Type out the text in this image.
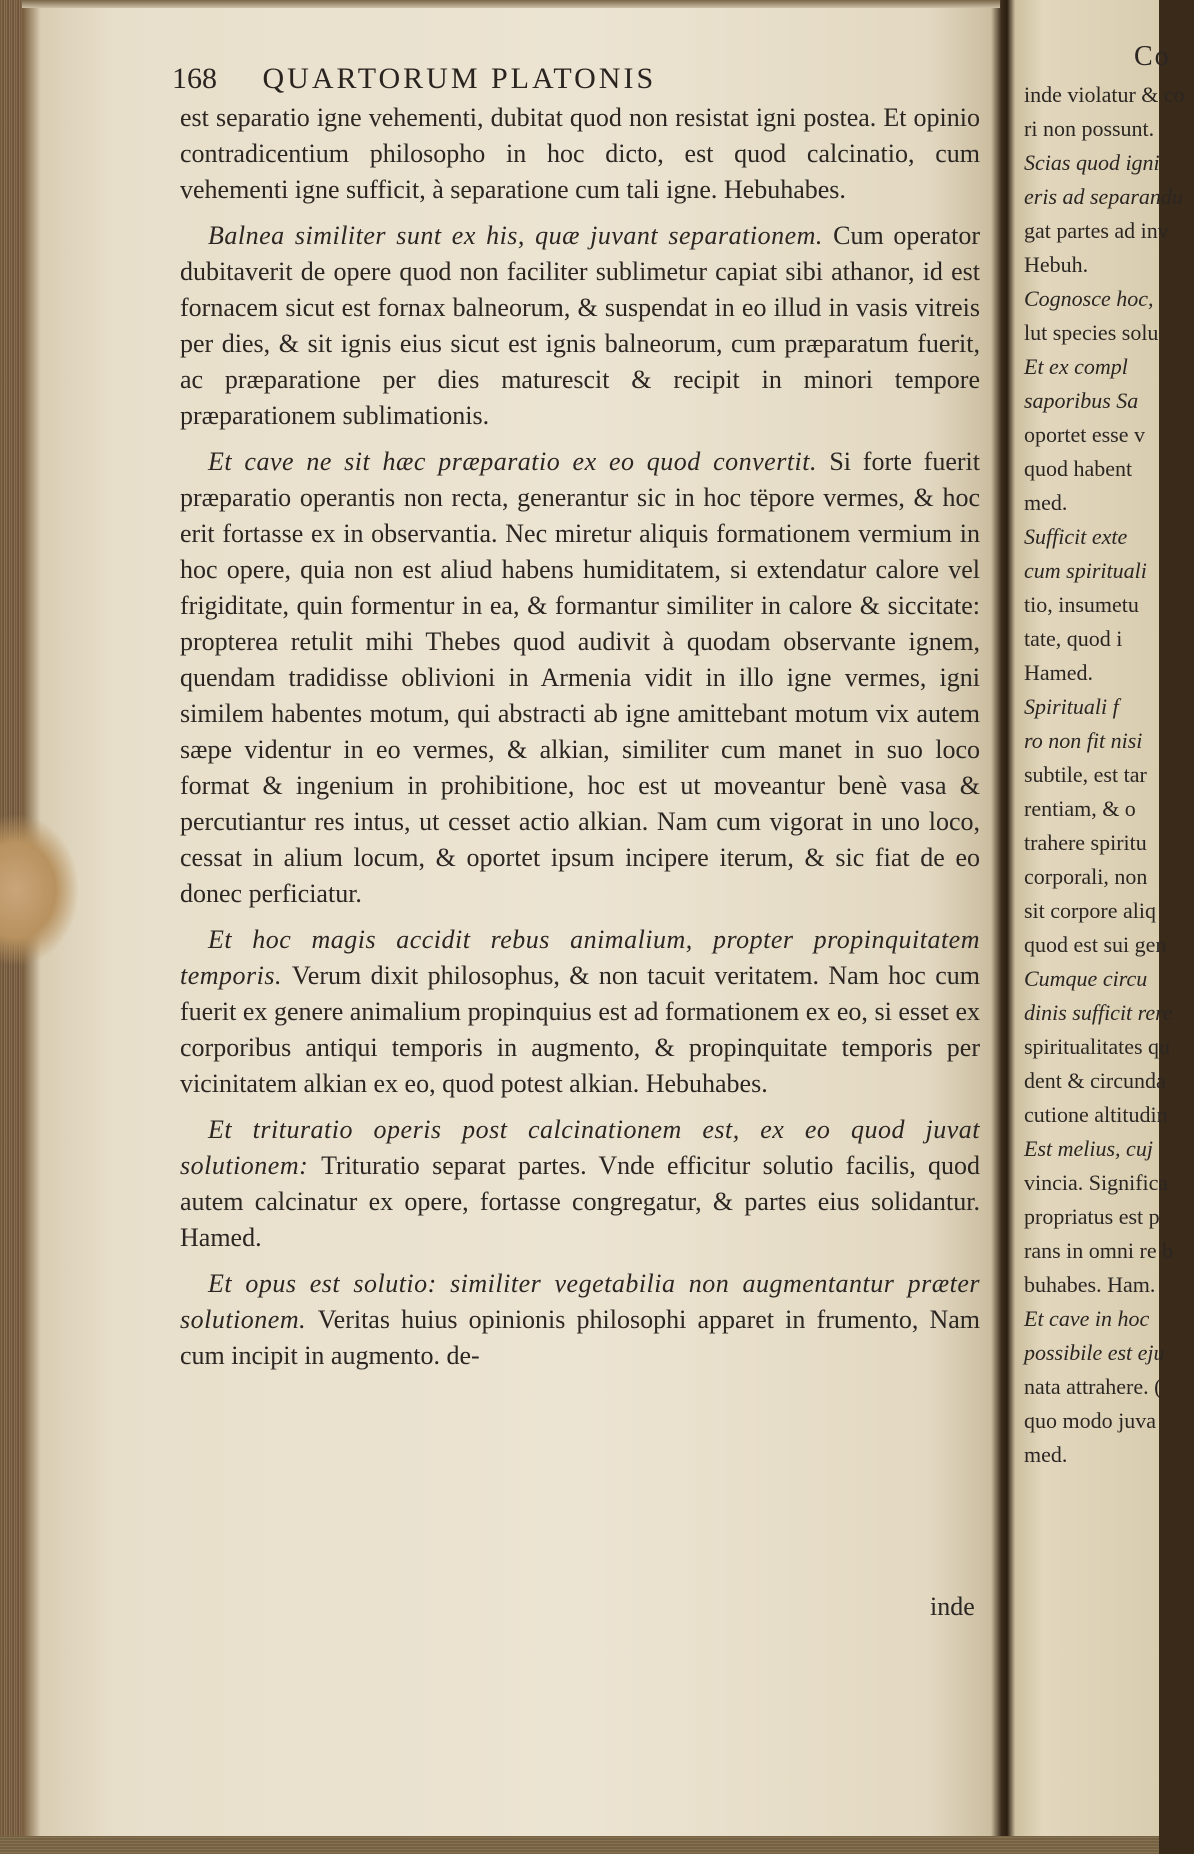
168 QUARTORUM PLATONIS

est separatio igne vehementi, dubitat quod non resistat igni postea. Et opinio contradicentium philosopho in hoc dicto, est quod calcinatio, cum vehementi igne sufficit, à separatione cum tali igne. Hebuhabes.

Balnea similiter sunt ex his, quæ juvant separationem. Cum operator dubitaverit de opere quod non faciliter sublimetur capiat sibi athanor, id est fornacem sicut est fornax balneorum, & suspendat in eo illud in vasis vitreis per dies, & sit ignis eius sicut est ignis balneorum, cum præparatum fuerit, ac præparatione per dies maturescit & recipit in minori tempore præparationem sublimationis.

Et cave ne sit hæc præparatio ex eo quod convertit. Si forte fuerit præparatio operantis non recta, generantur sic in hoc tëpore vermes, & hoc erit fortasse ex in observantia. Nec miretur aliquis formationem vermium in hoc opere, quia non est aliud habens humiditatem, si extendatur calore vel frigiditate, quin formentur in ea, & formantur similiter in calore & siccitate: propterea retulit mihi Thebes quod audivit à quodam observante ignem, quendam tradidisse oblivioni in Armenia vidit in illo igne vermes, igni similem habentes motum, qui abstracti ab igne amittebant motum vix autem sæpe videntur in eo vermes, & alkian, similiter cum manet in suo loco format & ingenium in prohibitione, hoc est ut moveantur benè vasa & percutiantur res intus, ut cesset actio alkian. Nam cum vigorat in uno loco, cessat in alium locum, & oportet ipsum incipere iterum, & sic fiat de eo donec perficiatur.

Et hoc magis accidit rebus animalium, propter propinquitatem temporis. Verum dixit philosophus, & non tacuit veritatem. Nam hoc cum fuerit ex genere animalium propinquius est ad formationem ex eo, si esset ex corporibus antiqui temporis in augmento, & propinquitate temporis per vicinitatem alkian ex eo, quod potest alkian. Hebuhabes.

Et trituratio operis post calcinationem est, ex eo quod juvat solutionem: Trituratio separat partes. Vnde efficitur solutio facilis, quod autem calcinatur ex opere, fortasse congregatur, & partes eius solidantur. Hamed.

Et opus est solutio: similiter vegetabilia non augmentantur præter solutionem. Veritas huius opinionis philosophi apparet in frumento, Nam cum incipit in augmento. de-

inde
Co
inde violatur & co
ri non possunt.
Scias quod igni
eris ad separandu
gat partes ad inv
Hebuh.
Cognosce hoc,
lut species solu
Et ex compl
saporibus Sa
oportet esse v
quod habent
med.
Sufficit exte
cum spirituali
tio, insumetu
tate, quod i
Hamed.
Spirituali f
ro non fit nisi
subtile, est tar
rentiam, & o
trahere spiritu
corporali, non
sit corpore aliq
quod est sui gen
Cumque circu
dinis sufficit rere
spiritualitates qu
dent & circunda
cutione altitudin
Est melius, cuj
vincia. Significa
propriatus est p
rans in omni re b
buhabes. Ham.
Et cave in hoc
possibile est eju
nata attrahere. (
quo modo juva
med.
